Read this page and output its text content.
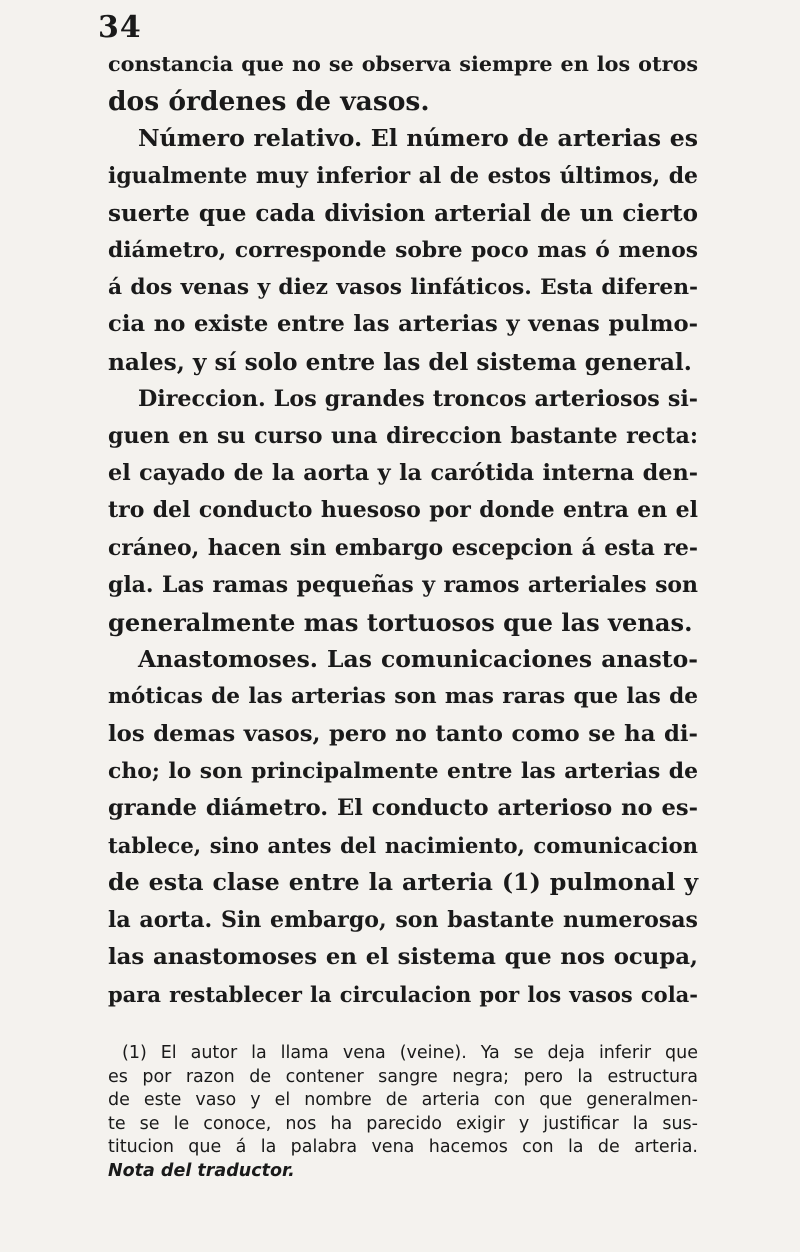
34
constancia que no se observa siempre en los otros
dos órdenes de vasos.
Número relativo. El número de arterias es
igualmente muy inferior al de estos últimos, de
suerte que cada division arterial de un cierto
diámetro, corresponde sobre poco mas ó menos
á dos venas y diez vasos linfáticos. Esta diferen-
cia no existe entre las arterias y venas pulmo-
nales, y sí solo entre las del sistema general.
Direccion. Los grandes troncos arteriosos si-
guen en su curso una direccion bastante recta:
el cayado de la aorta y la carótida interna den-
tro del conducto huesoso por donde entra en el
cráneo, hacen sin embargo escepcion á esta re-
gla. Las ramas pequeñas y ramos arteriales son
generalmente mas tortuosos que las venas.
Anastomoses. Las comunicaciones anasto-
móticas de las arterias son mas raras que las de
los demas vasos, pero no tanto como se ha di-
cho; lo son principalmente entre las arterias de
grande diámetro. El conducto arterioso no es-
tablece, sino antes del nacimiento, comunicacion
de esta clase entre la arteria (1) pulmonal y
la aorta. Sin embargo, son bastante numerosas
las anastomoses en el sistema que nos ocupa,
para restablecer la circulacion por los vasos cola-
(1) El autor la llama vena (veine). Ya se deja inferir que
es por razon de contener sangre negra; pero la estructura
de este vaso y el nombre de arteria con que generalmen-
te se le conoce, nos ha parecido exigir y justificar la sus-
titucion que á la palabra vena hacemos con la de arteria.
Nota del traductor.
